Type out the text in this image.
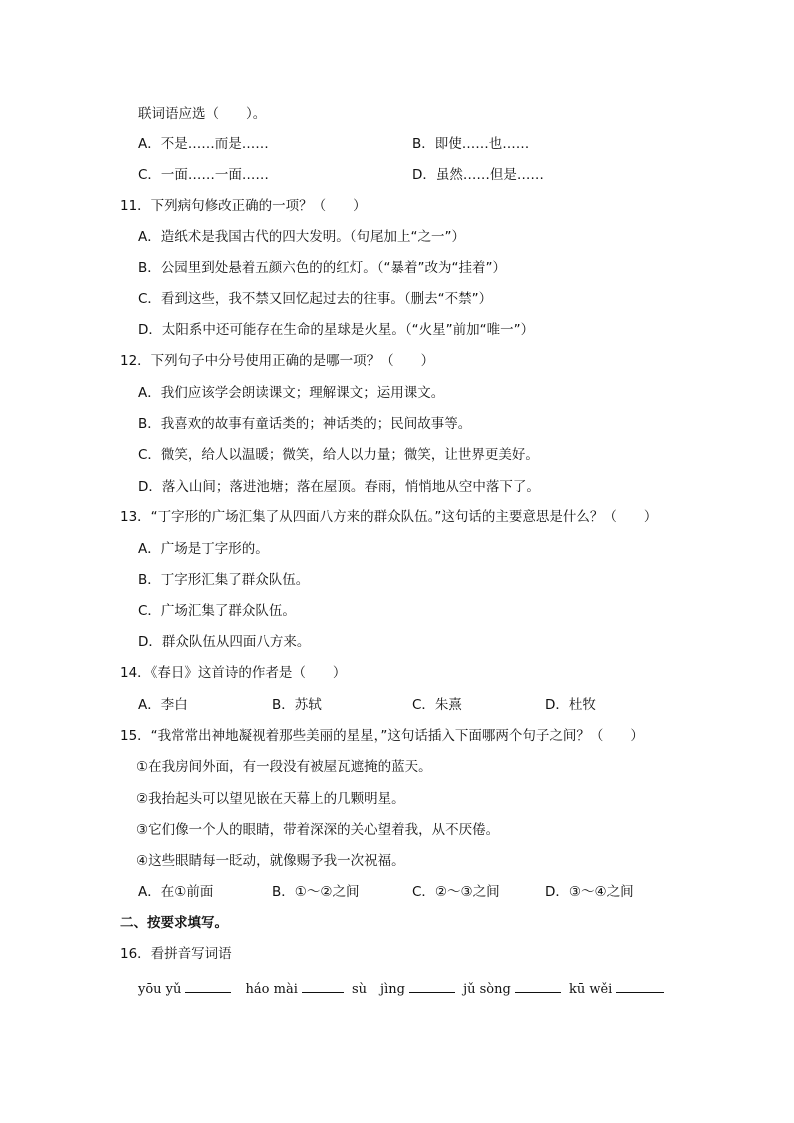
联词语应选（　　）。
A．不是……而是……	B．即使……也……
C．一面……一面……	D．虽然……但是……
11．下列病句修改正确的一项？（　　）
A．造纸术是我国古代的四大发明。（句尾加上“之一”）
B．公园里到处悬着五颜六色的的红灯。（“暴着”改为“挂着”）
C．看到这些，我不禁又回忆起过去的往事。（删去“不禁”）
D．太阳系中还可能存在生命的星球是火星。（“火星”前加“唯一”）
12．下列句子中分号使用正确的是哪一项？（　　）
A．我们应该学会朗读课文；理解课文；运用课文。
B．我喜欢的故事有童话类的；神话类的；民间故事等。
C．微笑，给人以温暖；微笑，给人以力量；微笑，让世界更美好。
D．落入山间；落进池塘；落在屋顶。春雨，悄悄地从空中落下了。
13．“丁字形的广场汇集了从四面八方来的群众队伍。”这句话的主要意思是什么？（　　）
A．广场是丁字形的。
B．丁字形汇集了群众队伍。
C．广场汇集了群众队伍。
D．群众队伍从四面八方来。
14．《春日》这首诗的作者是（　　）
A．李白	B．苏轼	C．朱熹	D．杜牧
15．“我常常出神地凝视着那些美丽的星星，”这句话插入下面哪两个句子之间？（　　）
①在我房间外面，有一段没有被屋瓦遮掩的蓝天。
②我抬起头可以望见嵌在天幕上的几颗明星。
③它们像一个人的眼睛，带着深深的关心望着我，从不厌倦。
④这些眼睛每一眨动，就像赐予我一次祝福。
A．在①前面	B．①～②之间	C．②～③之间	D．③～④之间
二、按要求填写。
16．看拼音写词语
yōu yǔ	háo mài	sù　jìng	jǔ sòng	kū wěi
